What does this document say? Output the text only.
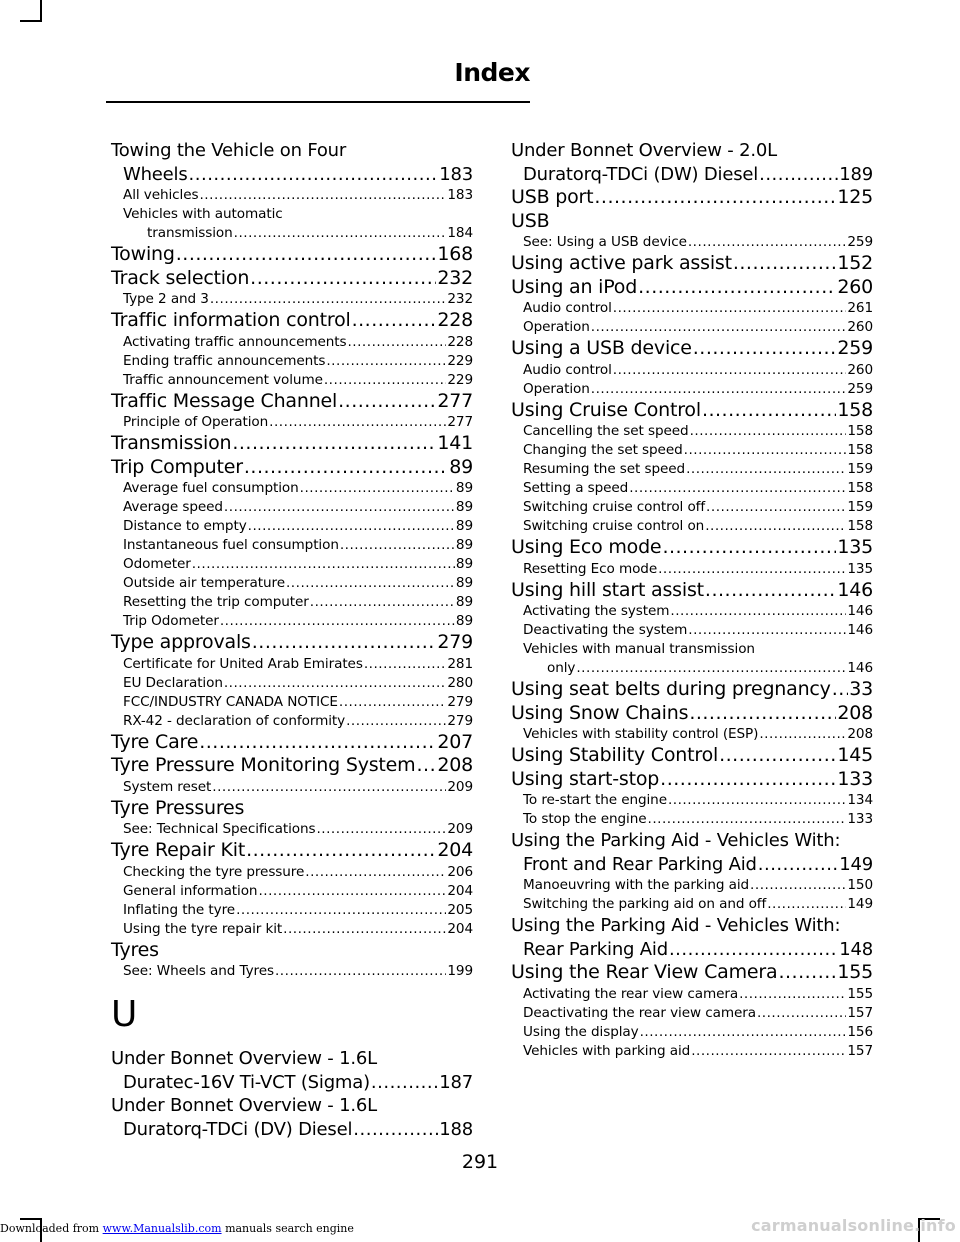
Index
Towing the Vehicle on Four
Wheels .....	183
All vehicles .....	183
Vehicles with automatic
transmission .....	184
Towing .....	168
Track selection .....	232
Type 2 and 3 .....	232
Traffic information control .....	228
Activating traffic announcements .....	228
Ending traffic announcements .....	229
Traffic announcement volume .....	229
Traffic Message Channel .....	277
Principle of Operation .....	277
Transmission .....	141
Trip Computer .....	89
Average fuel consumption .....	89
Average speed .....	89
Distance to empty .....	89
Instantaneous fuel consumption .....	89
Odometer .....	89
Outside air temperature .....	89
Resetting the trip computer .....	89
Trip Odometer .....	89
Type approvals .....	279
Certificate for United Arab Emirates .....	281
EU Declaration .....	280
FCC/INDUSTRY CANADA NOTICE .....	279
RX-42 - declaration of conformity .....	279
Tyre Care .....	207
Tyre Pressure Monitoring System ..... 208
System reset .....	209
Tyre Pressures
See: Technical Specifications .....	209
Tyre Repair Kit .....	204
Checking the tyre pressure .....	206
General information .....	204
Inflating the tyre .....	205
Using the tyre repair kit .....	204
Tyres
See: Wheels and Tyres .....	199
U
Under Bonnet Overview - 1.6L
Duratec-16V Ti-VCT (Sigma) .....	187
Under Bonnet Overview - 1.6L
Duratorq-TDCi (DV) Diesel .....	188
Under Bonnet Overview - 2.0L
Duratorq-TDCi (DW) Diesel .....	189
USB port .....	125
USB
See: Using a USB device .....	259
Using active park assist .....	152
Using an iPod .....	260
Audio control .....	261
Operation .....	260
Using a USB device .....	259
Audio control .....	260
Operation .....	259
Using Cruise Control .....	158
Cancelling the set speed .....	158
Changing the set speed .....	158
Resuming the set speed .....	159
Setting a speed .....	158
Switching cruise control off .....	159
Switching cruise control on .....	158
Using Eco mode .....	135
Resetting Eco mode .....	135
Using hill start assist .....	146
Activating the system .....	146
Deactivating the system .....	146
Vehicles with manual transmission
only .....	146
Using seat belts during pregnancy ..... 33
Using Snow Chains .....	208
Vehicles with stability control (ESP) .....	208
Using Stability Control .....	145
Using start-stop .....	133
To re-start the engine .....	134
To stop the engine .....	133
Using the Parking Aid - Vehicles With:
Front and Rear Parking Aid .....	149
Manoeuvring with the parking aid .....	150
Switching the parking aid on and off .....	149
Using the Parking Aid - Vehicles With:
Rear Parking Aid .....	148
Using the Rear View Camera .....	155
Activating the rear view camera .....	155
Deactivating the rear view camera .....	157
Using the display .....	156
Vehicles with parking aid .....	157
291
Downloaded from www.Manualslib.com manuals search engine	carmanualsonline.info
